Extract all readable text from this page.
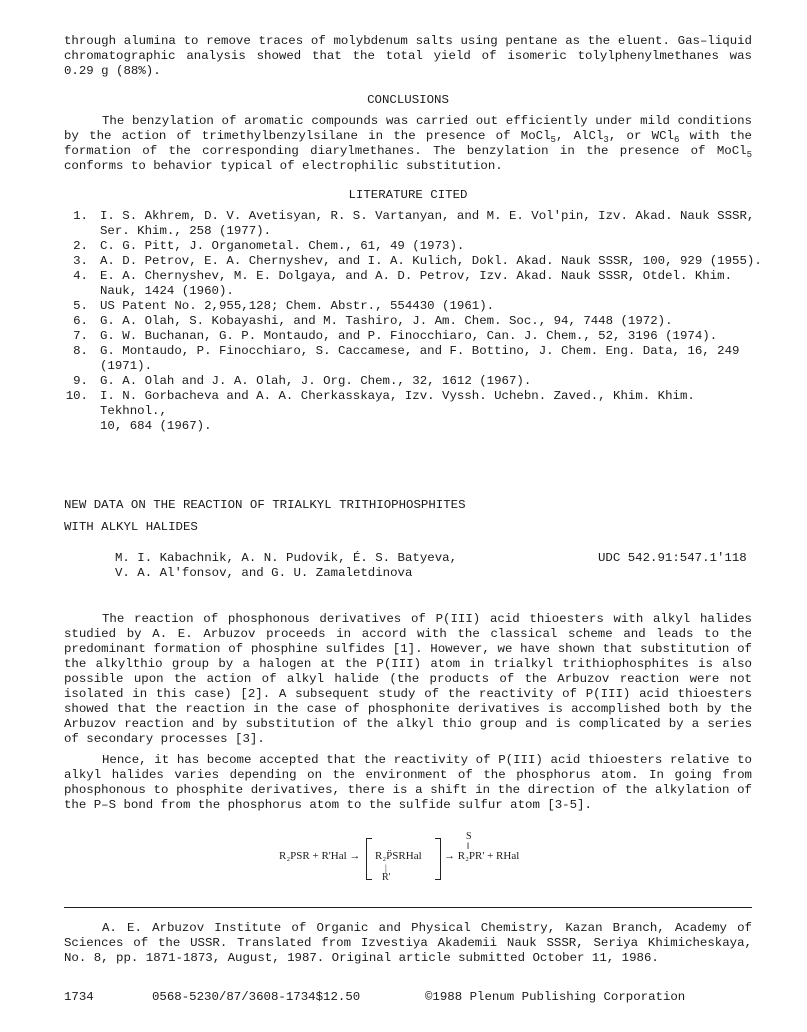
through alumina to remove traces of molybdenum salts using pentane as the eluent. Gas–liquid chromatographic analysis showed that the total yield of isomeric tolylphenylmethanes was 0.29 g (88%).

CONCLUSIONS

The benzylation of aromatic compounds was carried out efficiently under mild conditions by the action of trimethylbenzylsilane in the presence of MoCl$_5$, AlCl$_3$, or WCl$_6$ with the formation of the corresponding diarylmethanes. The benzylation in the presence of MoCl$_5$ conforms to behavior typical of electrophilic substitution.

LITERATURE CITED
1. I. S. Akhrem, D. V. Avetisyan, R. S. Vartanyan, and M. E. Vol'pin, Izv. Akad. Nauk SSSR,
Ser. Khim., 258 (1977).
2. C. G. Pitt, J. Organometal. Chem., 61, 49 (1973).
3. A. D. Petrov, E. A. Chernyshev, and I. A. Kulich, Dokl. Akad. Nauk SSSR, 100, 929 (1955).
4. E. A. Chernyshev, M. E. Dolgaya, and A. D. Petrov, Izv. Akad. Nauk SSSR, Otdel. Khim.
Nauk, 1424 (1960).
5. US Patent No. 2,955,128; Chem. Abstr., 554430 (1961).
6. G. A. Olah, S. Kobayashi, and M. Tashiro, J. Am. Chem. Soc., 94, 7448 (1972).
7. G. W. Buchanan, G. P. Montaudo, and P. Finocchiaro, Can. J. Chem., 52, 3196 (1974).
8. G. Montaudo, P. Finocchiaro, S. Caccamese, and F. Bottino, J. Chem. Eng. Data, 16, 249
(1971).
9. G. A. Olah and J. A. Olah, J. Org. Chem., 32, 1612 (1967).
10. I. N. Gorbacheva and A. A. Cherkasskaya, Izv. Vyssh. Uchebn. Zaved., Khim. Khim. Tekhnol.,
10, 684 (1967).
NEW DATA ON THE REACTION OF TRIALKYL TRITHIOPHOSPHITES
WITH ALKYL HALIDES
M. I. Kabachnik, A. N. Pudovik, É. S. Batyeva,
V. A. Al'fonsov, and G. U. Zamaletdinova
UDC 542.91:547.1'118

The reaction of phosphonous derivatives of P(III) acid thioesters with alkyl halides studied by A. E. Arbuzov proceeds in accord with the classical scheme and leads to the predominant formation of phosphine sulfides [1]. However, we have shown that substitution of the alkylthio group by a halogen at the P(III) atom in trialkyl trithiophosphites is also possible upon the action of alkyl halide (the products of the Arbuzov reaction were not isolated in this case) [2]. A subsequent study of the reactivity of P(III) acid thioesters showed that the reaction in the case of phosphonite derivatives is accomplished both by the Arbuzov reaction and by substitution of the alkyl thio group and is complicated by a series of secondary processes [3].

Hence, it has become accepted that the reactivity of P(III) acid thioesters relative to alkyl halides varies depending on the environment of the phosphorus atom. In going from phosphonous to phosphite derivatives, there is a shift in the direction of the alkylation of the P–S bond from the phosphorus atom to the sulfide sulfur atom [3-5].

R₂PSR + R'Hal → R₂P̈SRHal
|
R'
S
‖
→ R₂PR' + RHal

A. E. Arbuzov Institute of Organic and Physical Chemistry, Kazan Branch, Academy of Sciences of the USSR. Translated from Izvestiya Akademii Nauk SSSR, Seriya Khimicheskaya, No. 8, pp. 1871-1873, August, 1987. Original article submitted October 11, 1986.

1734	0568-5230/87/3608-1734$12.50	©1988 Plenum Publishing Corporation
